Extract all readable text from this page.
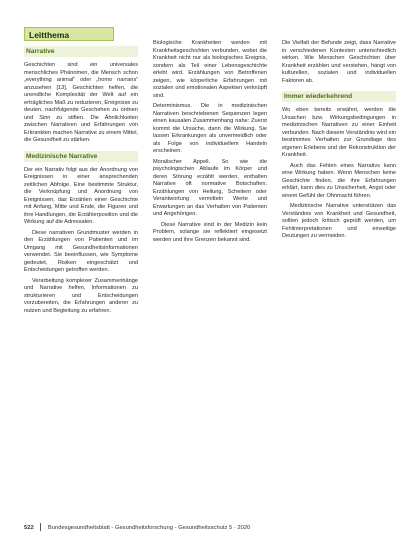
Leitthema
Narrative

Geschichten sind ein universales menschliches Phänomen, die Mensch schon „everything animal“ oder „homo narrans“ anzusehen [13]. Geschichten helfen, die unendliche Komplexität der Welt auf ein erträgliches Maß zu reduzieren, Ereignisse zu deuten, nachfolgende Geschehen zu ordnen und Sinn zu stiften. Die Ähnlichkeiten zwischen Narrativen und Erfahrungen von Erkrankten machen Narrative zu einem Mittel, die Gesundheit zu stärken.

Medizinische Narrative

Der ein Narrativ folgt aus der Anordnung von Ereignissen in einer ansprechenden zeitlichen Abfolge. Eine bestimmte Struktur, die Verknüpfung und Anordnung von Ereignissen, das Erzählen einer Geschichte mit Anfang, Mitte und Ende, die Figuren und ihre Handlungen, die Erzählerposition und die Wirkung auf die Adressaten.

Diese narrativen Grundmuster werden in den Erzählungen von Patienten und im Umgang mit Gesundheitsinformationen verwendet. Sie beeinflussen, wie Symptome gedeutet, Risiken eingeschätzt und Entscheidungen getroffen werden.

Verarbeitung komplexer Zusammenhänge und Narrative helfen, Informationen zu strukturieren und Entscheidungen vorzubereiten, die Erfahrungen anderer zu nutzen und Begleitung zu erfahren.

Biologische Krankheiten werden mit Krankheitsgeschichten verbunden, wobei die Krankheit nicht nur als biologisches Ereignis, sondern als Teil einer Lebensgeschichte erlebt wird. Erzählungen von Betroffenen zeigen, wie körperliche Erfahrungen mit sozialen und emotionalen Aspekten verknüpft sind.

Determinismus. Die in medizinischen Narrativen beschriebenen Sequenzen legen einen kausalen Zusammenhang nahe: Zuerst kommt die Ursache, dann die Wirkung. Sie lassen Erkrankungen als unvermeidlich oder als Folge von individuellem Handeln erscheinen.

Moralischer Appell. So wie die psychologischen Ablaufe im Körper und deren Störung erzählt werden, enthalten Narrative oft normative Botschaften. Erzählungen von Heilung, Scheitern oder Verantwortung vermitteln Werte und Erwartungen an das Verhalten von Patienten und Angehörigen.

Diese Narrative sind in der Medizin kein Problem, solange sie reflektiert eingesetzt werden und ihre Grenzen bekannt sind.

Die Vielfalt der Befunde zeigt, dass Narrative in verschiedenen Kontexten unterschiedlich wirken. Wie Menschen Geschichten über Krankheit erzählen und verstehen, hängt von kulturellen, sozialen und individuellen Faktoren ab.

Immer wiederkehrend

Wo eben bereits erwähnt, werden die Ursachen bzw. Wirkungsbedingungen in medizinischen Narrativen zu einer Einheit verbunden. Nach diesem Verständnis wird ein bestimmtes Verhalten zur Grundlage des eigenen Erlebens und der Rekonstruktion der Krankheit.

Auch das Fehlen eines Narrativs kann eine Wirkung haben. Wenn Menschen keine Geschichte finden, die ihre Erfahrungen erklärt, kann dies zu Unsicherheit, Angst oder einem Gefühl der Ohnmacht führen.

Medizinische Narrative unterstützen das Verständnis von Krankheit und Gesundheit, sollten jedoch kritisch geprüft werden, um Fehlinterpretationen und einseitige Deutungen zu vermeiden.

522 Bundesgesundheitsblatt - Gesundheitsforschung - Gesundheitsschutz 5 · 2020
